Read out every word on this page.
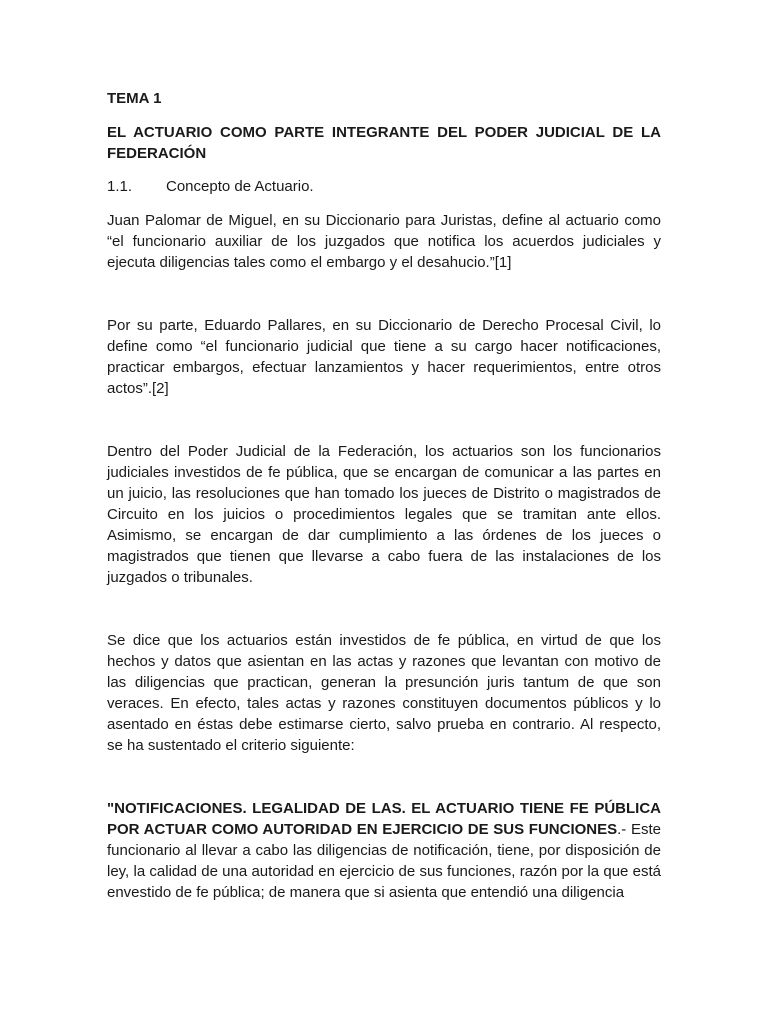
TEMA 1

EL ACTUARIO COMO PARTE INTEGRANTE DEL PODER JUDICIAL DE LA FEDERACIÓN

1.1. Concepto de Actuario.

Juan Palomar de Miguel, en su Diccionario para Juristas, define al actuario como “el funcionario auxiliar de los juzgados que notifica los acuerdos judiciales y ejecuta diligencias tales como el embargo y el desahucio.”[1]

Por su parte, Eduardo Pallares, en su Diccionario de Derecho Procesal Civil, lo define como “el funcionario judicial que tiene a su cargo hacer notificaciones, practicar embargos, efectuar lanzamientos y hacer requerimientos, entre otros actos”.[2]

Dentro del Poder Judicial de la Federación, los actuarios son los funcionarios judiciales investidos de fe pública, que se encargan de comunicar a las partes en un juicio, las resoluciones que han tomado los jueces de Distrito o magistrados de Circuito en los juicios o procedimientos legales que se tramitan ante ellos. Asimismo, se encargan de dar cumplimiento a las órdenes de los jueces o magistrados que tienen que llevarse a cabo fuera de las instalaciones de los juzgados o tribunales.

Se dice que los actuarios están investidos de fe pública, en virtud de que los hechos y datos que asientan en las actas y razones que levantan con motivo de las diligencias que practican, generan la presunción juris tantum de que son veraces. En efecto, tales actas y razones constituyen documentos públicos y lo asentado en éstas debe estimarse cierto, salvo prueba en contrario. Al respecto, se ha sustentado el criterio siguiente:

"NOTIFICACIONES. LEGALIDAD DE LAS. EL ACTUARIO TIENE FE PÚBLICA POR ACTUAR COMO AUTORIDAD EN EJERCICIO DE SUS FUNCIONES.- Este funcionario al llevar a cabo las diligencias de notificación, tiene, por disposición de ley, la calidad de una autoridad en ejercicio de sus funciones, razón por la que está envestido de fe pública; de manera que si asienta que entendió una diligencia
